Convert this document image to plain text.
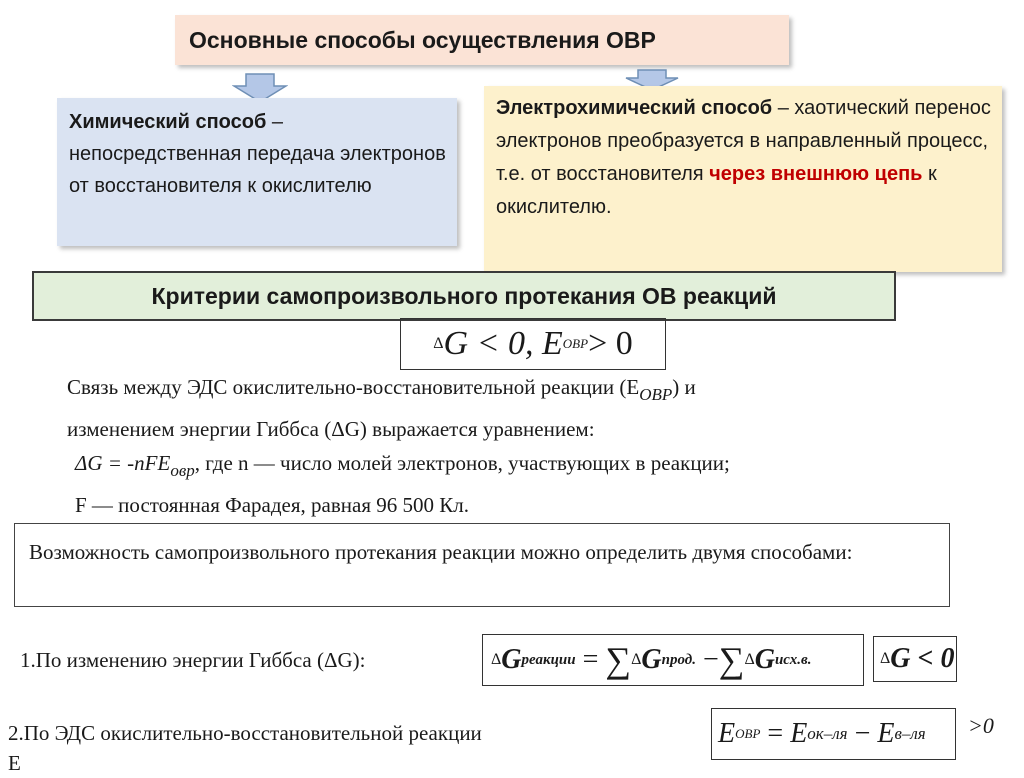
Основные способы осуществления ОВР
Химический способ – непосредственная передача электронов от восстановителя к окислителю
Электрохимический способ – хаотический перенос электронов преобразуется в направленный процесс, т.е. от восстановителя через внешнюю цепь к окислителю.
Критерии самопроизвольного протекания ОВ реакций
Δ G < 0, E ОВР > 0
Связь между ЭДС окислительно-восстановительной реакции $(E_{ОВР})$ и
изменением энергии Гиббса (ΔG) выражается уравнением:
ΔG = -nFE$_{овр}$, где n — число молей электронов, участвующих в реакции;
F — постоянная Фарадея, равная 96 500 Кл.
Возможность самопроизвольного протекания реакции можно определить двумя способами:
1.По изменению энергии Гиббса (ΔG):	Δ G реакции = ∑ Δ G прод. − ∑ Δ G исх.в.	Δ G < 0
2.По ЭДС окислительно-восстановительной реакции
E
E ОВР = E ок–ля − E в–ля >0
